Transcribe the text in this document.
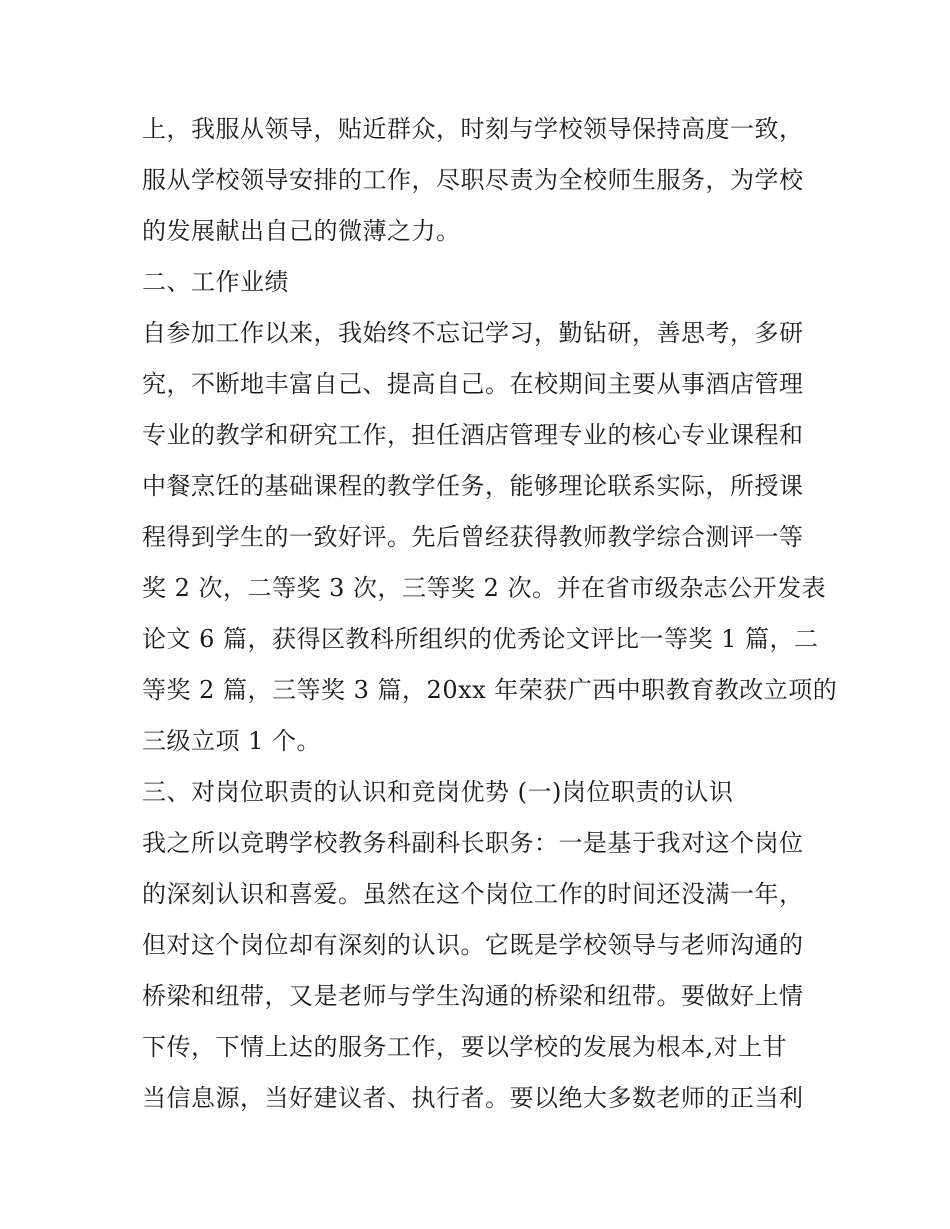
上，我服从领导，贴近群众，时刻与学校领导保持高度一致，
服从学校领导安排的工作，尽职尽责为全校师生服务，为学校
的发展献出自己的微薄之力。
二、工作业绩
自参加工作以来，我始终不忘记学习，勤钻研，善思考，多研
究，不断地丰富自己、提高自己。在校期间主要从事酒店管理
专业的教学和研究工作，担任酒店管理专业的核心专业课程和
中餐烹饪的基础课程的教学任务，能够理论联系实际，所授课
程得到学生的一致好评。先后曾经获得教师教学综合测评一等
奖 2 次，二等奖 3 次，三等奖 2 次。并在省市级杂志公开发表
论文 6 篇，获得区教科所组织的优秀论文评比一等奖 1 篇，二
等奖 2 篇，三等奖 3 篇，20xx 年荣获广西中职教育教改立项的
三级立项 1 个。
三、对岗位职责的认识和竞岗优势 (一)岗位职责的认识
我之所以竞聘学校教务科副科长职务：一是基于我对这个岗位
的深刻认识和喜爱。虽然在这个岗位工作的时间还没满一年，
但对这个岗位却有深刻的认识。它既是学校领导与老师沟通的
桥梁和纽带，又是老师与学生沟通的桥梁和纽带。要做好上情
下传，下情上达的服务工作，要以学校的发展为根本,对上甘
当信息源，当好建议者、执行者。要以绝大多数老师的正当利
